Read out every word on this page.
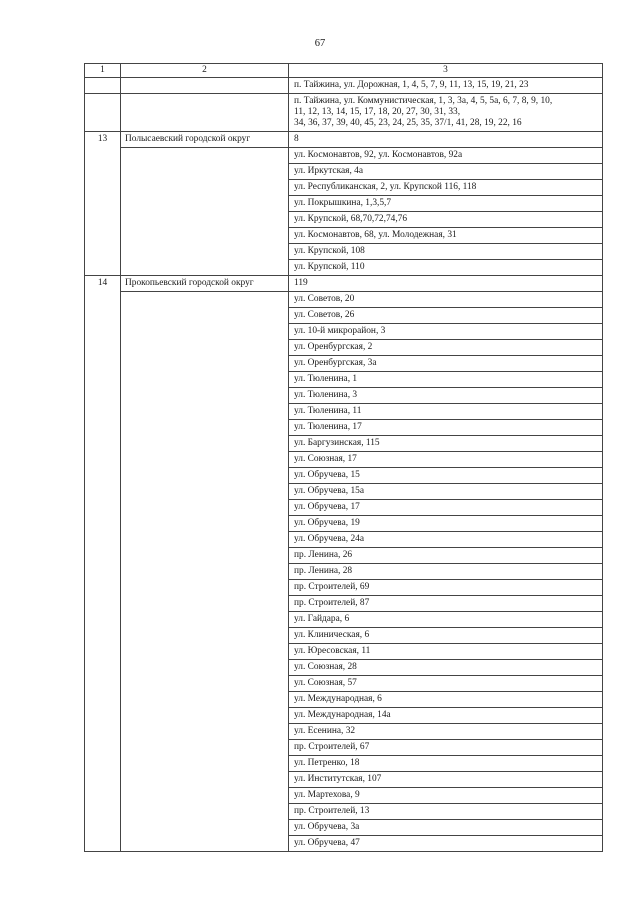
67
1	2	3

		п. Тайжина, ул. Дорожная, 1, 4, 5, 7, 9, 11, 13, 15, 19, 21, 23

		п. Тайжина, ул. Коммунистическая, 1, 3, 3а, 4, 5, 5а, 6, 7, 8, 9, 10,
11, 12, 13, 14, 15, 17, 18, 20, 27, 30, 31, 33,
34, 36, 37, 39, 40, 45, 23, 24, 25, 35, 37/1, 41, 28, 19, 22, 16

13	Полысаевский городской округ	8
		ул. Космонавтов, 92, ул. Космонавтов, 92а
		ул. Иркутская, 4а
		ул. Республиканская, 2, ул. Крупской 116, 118
		ул. Покрышкина, 1,3,5,7
		ул. Крупской, 68,70,72,74,76
		ул. Космонавтов, 68, ул. Молодежная, 31
		ул. Крупской, 108
		ул. Крупской, 110
14	Прокопьевский городской округ	119
		ул. Советов, 20
		ул. Советов, 26
		ул. 10-й микрорайон, 3
		ул. Оренбургская, 2
		ул. Оренбургская, 3а
		ул. Тюленина, 1
		ул. Тюленина, 3
		ул. Тюленина, 11
		ул. Тюленина, 17
		ул. Баргузинская, 115
		ул. Союзная, 17
		ул. Обручева, 15
		ул. Обручева, 15а
		ул. Обручева, 17
		ул. Обручева, 19
		ул. Обручева, 24а
		пр. Ленина, 26
		пр. Ленина, 28
		пр. Строителей, 69
		пр. Строителей, 87
		ул. Гайдара, 6
		ул. Клиническая, 6
		ул. Юресовская, 11
		ул. Союзная, 28
		ул. Союзная, 57
		ул. Международная, 6
		ул. Международная, 14а
		ул. Есенина, 32
		пр. Строителей, 67
		ул. Петренко, 18
		ул. Институтская, 107
		ул. Мартехова, 9
		пр. Строителей, 13
		ул. Обручева, 3а
		ул. Обручева, 47
